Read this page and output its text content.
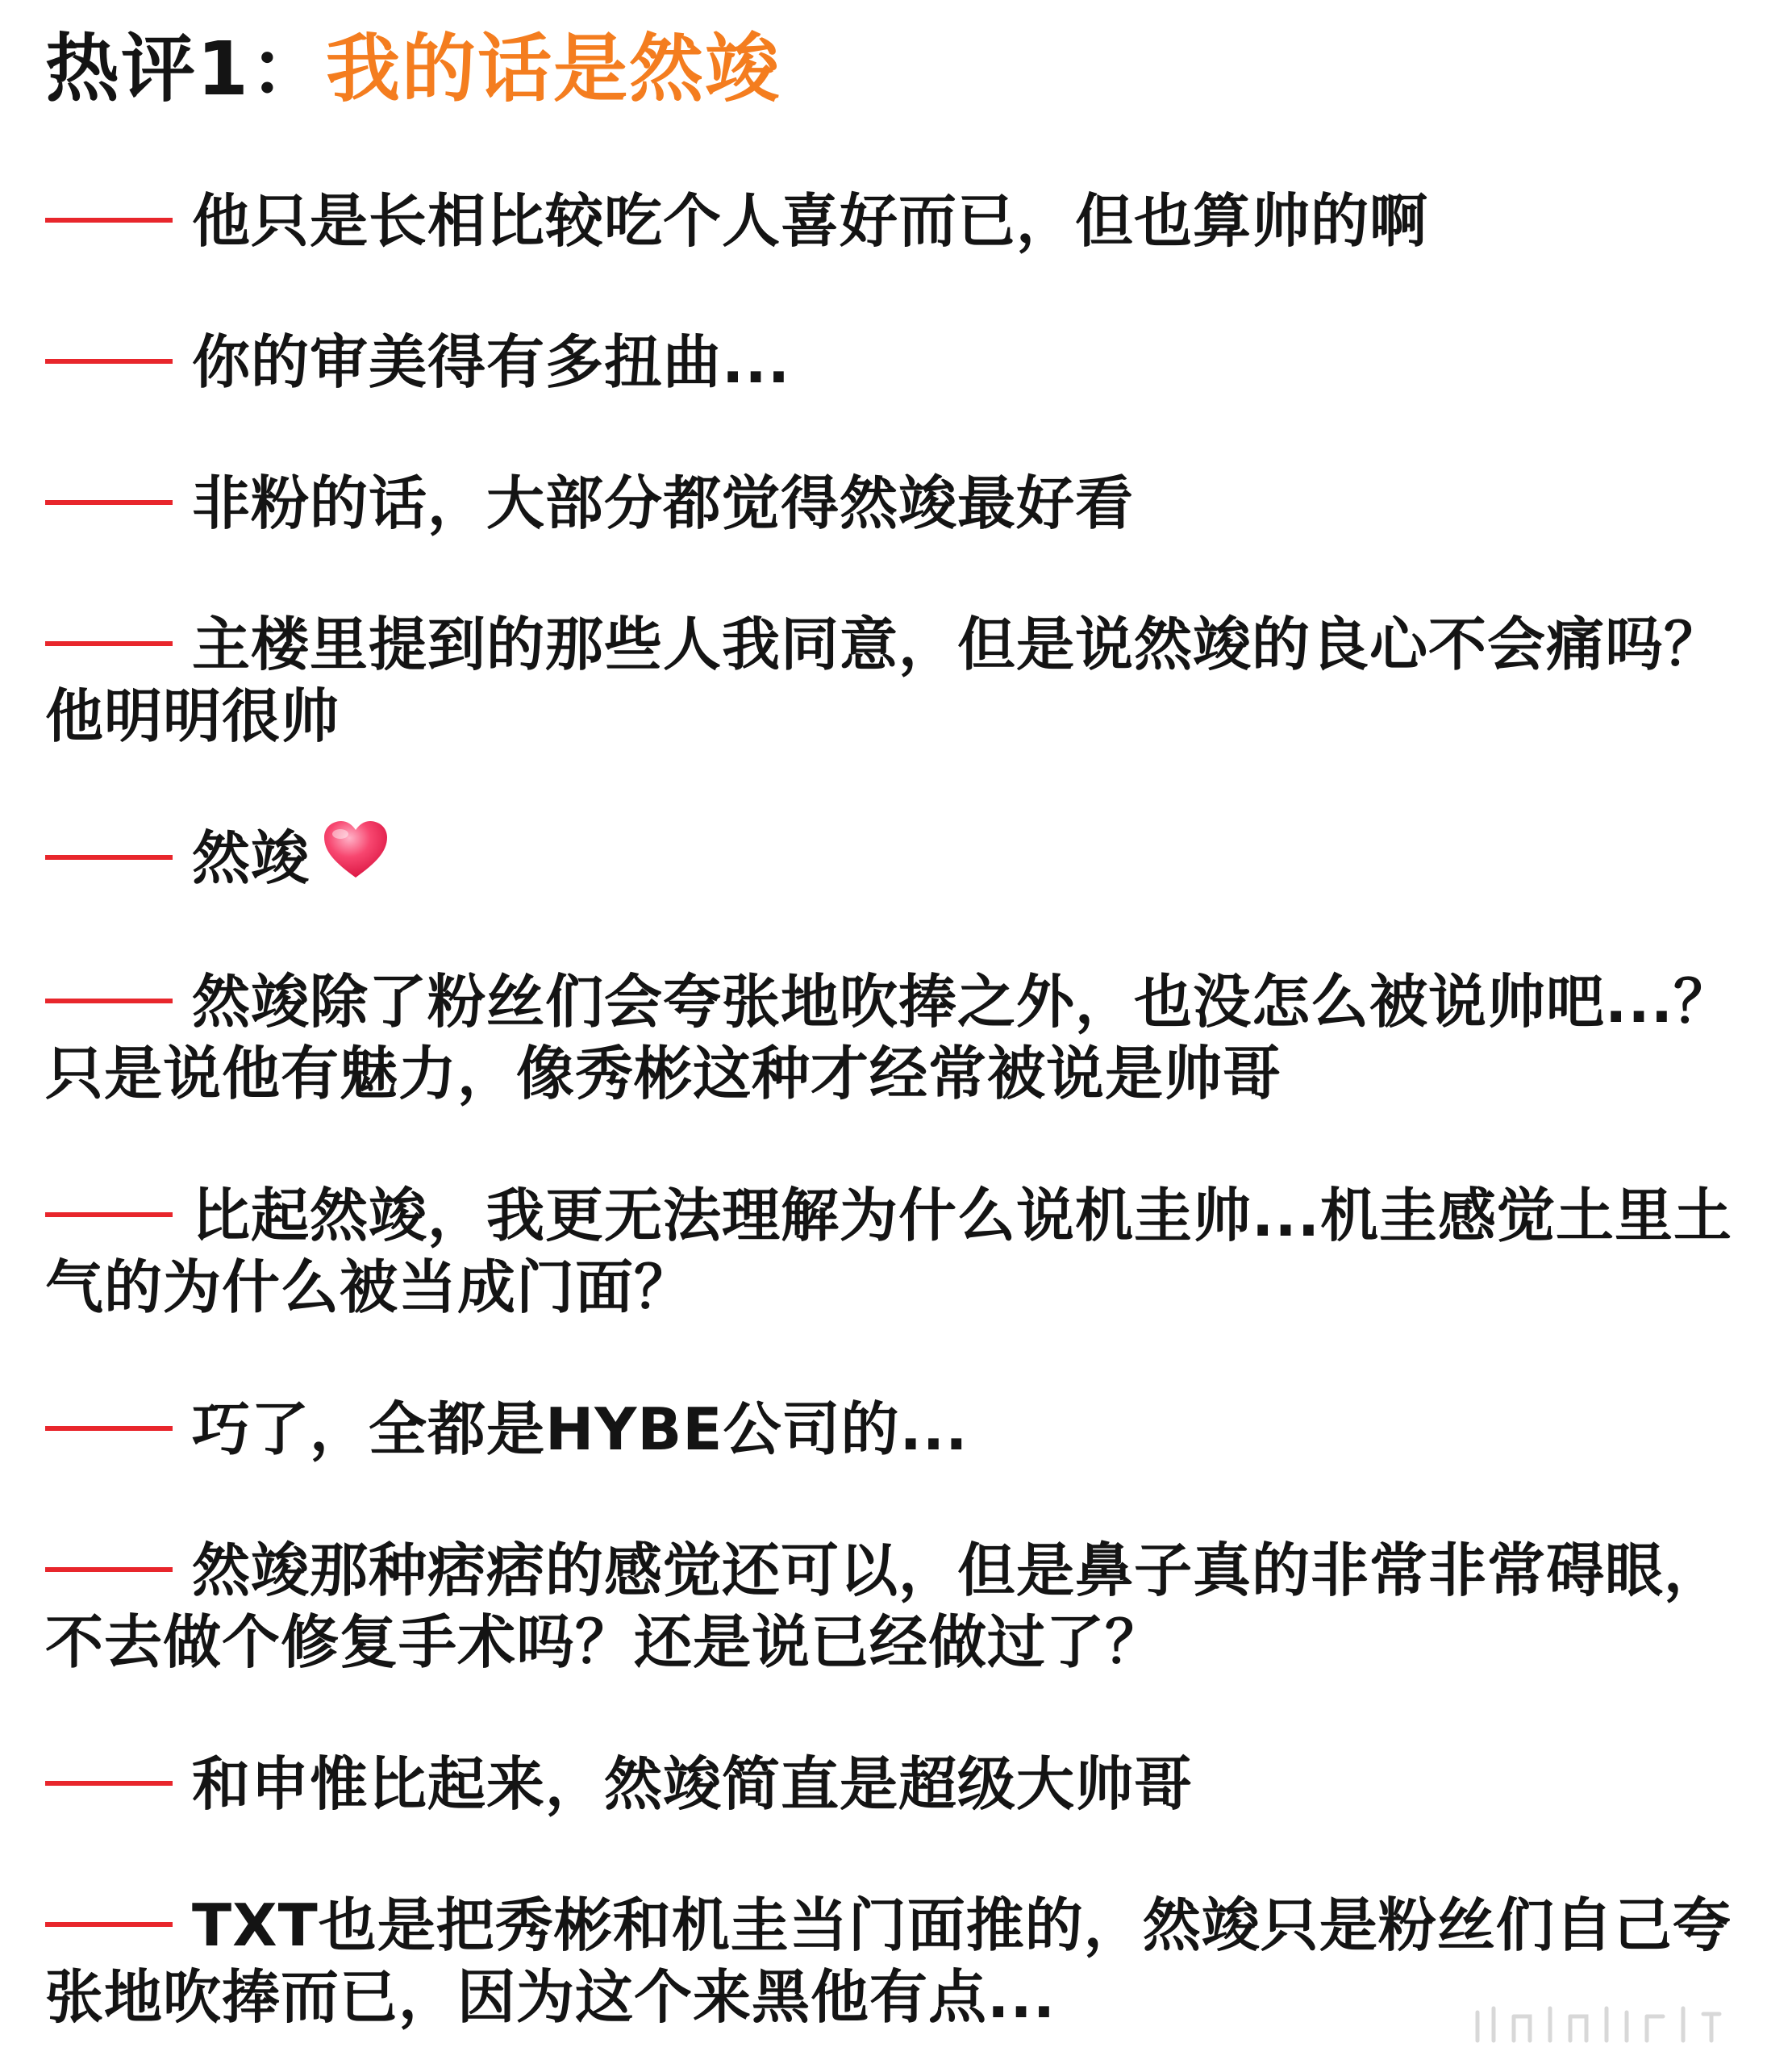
热评1：我的话是然竣
他只是长相比较吃个人喜好而已，但也算帅的啊
你的审美得有多扭曲...
非粉的话，大部分都觉得然竣最好看
主楼里提到的那些人我同意，但是说然竣的良心不会痛吗？他明明很帅
然竣
然竣除了粉丝们会夸张地吹捧之外，也没怎么被说帅吧...？只是说他有魅力，像秀彬这种才经常被说是帅哥
比起然竣，我更无法理解为什么说机圭帅...机圭感觉土里土气的为什么被当成门面？
巧了，全都是HYBE公司的...
然竣那种痞痞的感觉还可以，但是鼻子真的非常非常碍眼，不去做个修复手术吗？还是说已经做过了？
和申惟比起来，然竣简直是超级大帅哥
TXT也是把秀彬和机圭当门面推的，然竣只是粉丝们自己夸张地吹捧而已，因为这个来黑他有点...
